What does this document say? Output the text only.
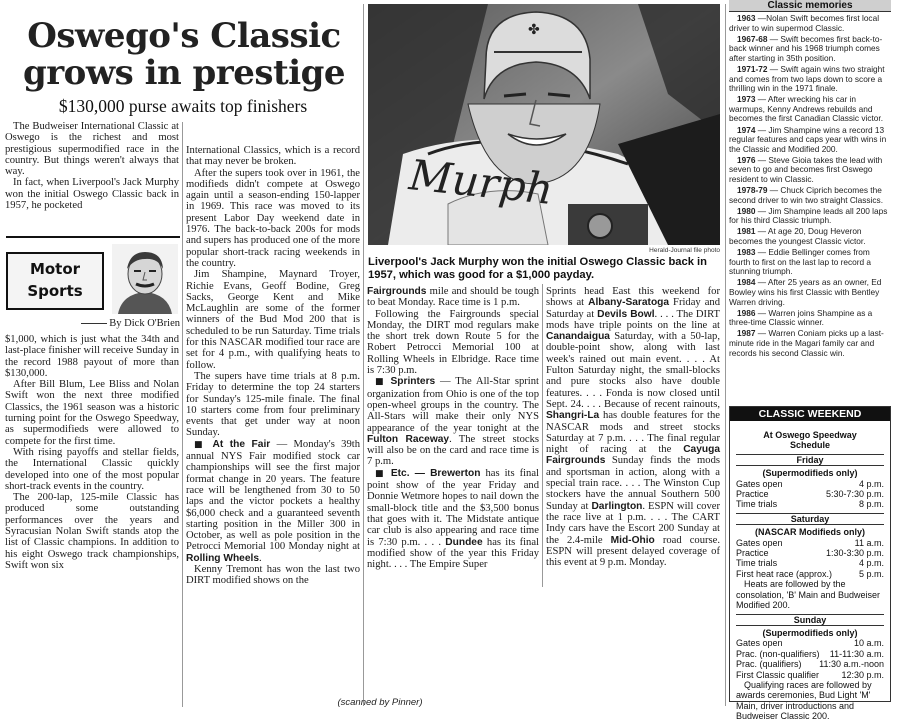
Oswego's Classic
grows in prestige
$130,000 purse awaits top finishers

The Budweiser International Classic at Oswego is the richest and most prestigious supermodified race in the country. But things weren't always that way.

In fact, when Liverpool's Jack Murphy won the initial Oswego Classic back in 1957, he pocketed

Motor
Sports
By Dick O'Brien

$1,000, which is just what the 34th and last-place finisher will receive Sunday in the record 1988 payout of more than $130,000.

After Bill Blum, Lee Bliss and Nolan Swift won the next three modified Classics, the 1961 season was a historic turning point for the Oswego Speedway, as supermodifieds were allowed to compete for the first time.

With rising payoffs and stellar fields, the International Classic quickly developed into one of the most popular short-track events in the country.

The 200-lap, 125-mile Classic has produced some outstanding performances over the years and Syracusian Nolan Swift stands atop the list of Classic champions. In addition to his eight Oswego track championships, Swift won six

International Classics, which is a record that may never be broken.

After the supers took over in 1961, the modifieds didn't compete at Oswego again until a season-ending 150-lapper in 1969. This race was moved to its present Labor Day weekend date in 1976. The back-to-back 200s for mods and supers has produced one of the more popular short-track racing weekends in the country.

Jim Shampine, Maynard Troyer, Richie Evans, Geoff Bodine, Greg Sacks, George Kent and Mike McLaughlin are some of the former winners of the Bud Mod 200 that is scheduled to be run Saturday. Time trials for this NASCAR modified tour race are set for 4 p.m., with qualifying heats to follow.

The supers have time trials at 8 p.m. Friday to determine the top 24 starters for Sunday's 125-mile finale. The final 10 starters come from four preliminary events that get under way at noon Sunday.

■ At the Fair — Monday's 39th annual NYS Fair modified stock car championships will see the first major format change in 20 years. The feature race will be lengthened from 30 to 50 laps and the victor pockets a healthy $6,000 check and a guaranteed seventh starting position in the Miller 300 in October, as well as pole position in the Petrocci Memorial 100 Monday night at Rolling Wheels.

Kenny Tremont has won the last two DIRT modified shows on the

✤
Murph
Herald-Journal file photo
Liverpool's Jack Murphy won the initial Oswego Classic back in 1957, which was good for a $1,000 payday.

Fairgrounds mile and should be tough to beat Monday. Race time is 1 p.m.

Following the Fairgrounds special Monday, the DIRT mod regulars make the short trek down Route 5 for the Robert Petrocci Memorial 100 at Rolling Wheels in Elbridge. Race time is 7:30 p.m.

■ Sprinters — The All-Star sprint organization from Ohio is one of the top open-wheel groups in the country. The All-Stars will make their only NYS appearance of the year tonight at the Fulton Raceway. The street stocks will also be on the card and race time is 7 p.m.

■ Etc. — Brewerton has its final point show of the year Friday and Donnie Wetmore hopes to nail down the small-block title and the $3,500 bonus that goes with it. The Midstate antique car club is also appearing and race time is 7:30 p.m. . . . Dundee has its final modified show of the year this Friday night. . . . The Empire Super

Sprints head East this weekend for shows at Albany-Saratoga Friday and Saturday at Devils Bowl. . . . The DIRT mods have triple points on the line at Canandaigua Saturday, with a 50-lap, double-point show, along with last week's rained out main event. . . . At Fulton Saturday night, the small-blocks and pure stocks also have double features. . . . Fonda is now closed until Sept. 24. . . . Because of recent rainouts, Shangri-La has double features for the NASCAR mods and street stocks Saturday at 7 p.m. . . . The final regular night of racing at the Cayuga Fairgrounds Sunday finds the mods and sportsman in action, along with a special train race. . . . The Winston Cup stockers have the annual Southern 500 Sunday at Darlington. ESPN will cover the race live at 1 p.m. . . . The CART Indy cars have the Escort 200 Sunday at the 2.4-mile Mid-Ohio road course. ESPN will present delayed coverage of this event at 9 p.m. Monday.

Classic memories

1963 —Nolan Swift becomes first local driver to win supermod Classic.

1967-68 — Swift becomes first back-to-back winner and his 1968 triumph comes after starting in 35th position.

1971-72 — Swift again wins two straight and comes from two laps down to score a thrilling win in the 1971 finale.

1973 — After wrecking his car in warmups, Kenny Andrews rebuilds and becomes the first Canadian Classic victor.

1974 — Jim Shampine wins a record 13 regular features and caps year with wins in the Classic and Modified 200.

1976 — Steve Gioia takes the lead with seven to go and becomes first Oswego resident to win Classic.

1978-79 — Chuck Ciprich becomes the second driver to win two straight Classics.

1980 — Jim Shampine leads all 200 laps for his third Classic triumph.

1981 — At age 20, Doug Heveron becomes the youngest Classic victor.

1983 — Eddie Bellinger comes from fourth to first on the last lap to record a stunning triumph.

1984 — After 25 years as an owner, Ed Bowley wins his first Classic with Bentley Warren driving.

1986 — Warren joins Shampine as a three-time Classic winner.

1987 — Warren Coniam picks up a last-minute ride in the Magari family car and records his second Classic win.

CLASSIC WEEKEND
At Oswego Speedway
Schedule
Friday
(Supermodifieds only)
Gates open	4 p.m.
Practice	5:30-7:30 p.m.
Time trials	8 p.m.
Saturday
(NASCAR Modifieds only)
Gates open	11 a.m.
Practice	1:30-3:30 p.m.
Time trials	4 p.m.
First heat race (approx.)	5 p.m.
Heats are followed by the consolation, 'B' Main and Budweiser Modified 200.
Sunday
(Supermodifieds only)
Gates open	10 a.m.
Prac. (non-qualifiers) 11-11:30 a.m.
Prac. (qualifiers) 11:30 a.m.-noon
First Classic qualifier 12:30 p.m.
Qualifying races are followed by awards ceremonies, Bud Light 'M' Main, driver introductions and Budweiser Classic 200.
(scanned by Pinner)
